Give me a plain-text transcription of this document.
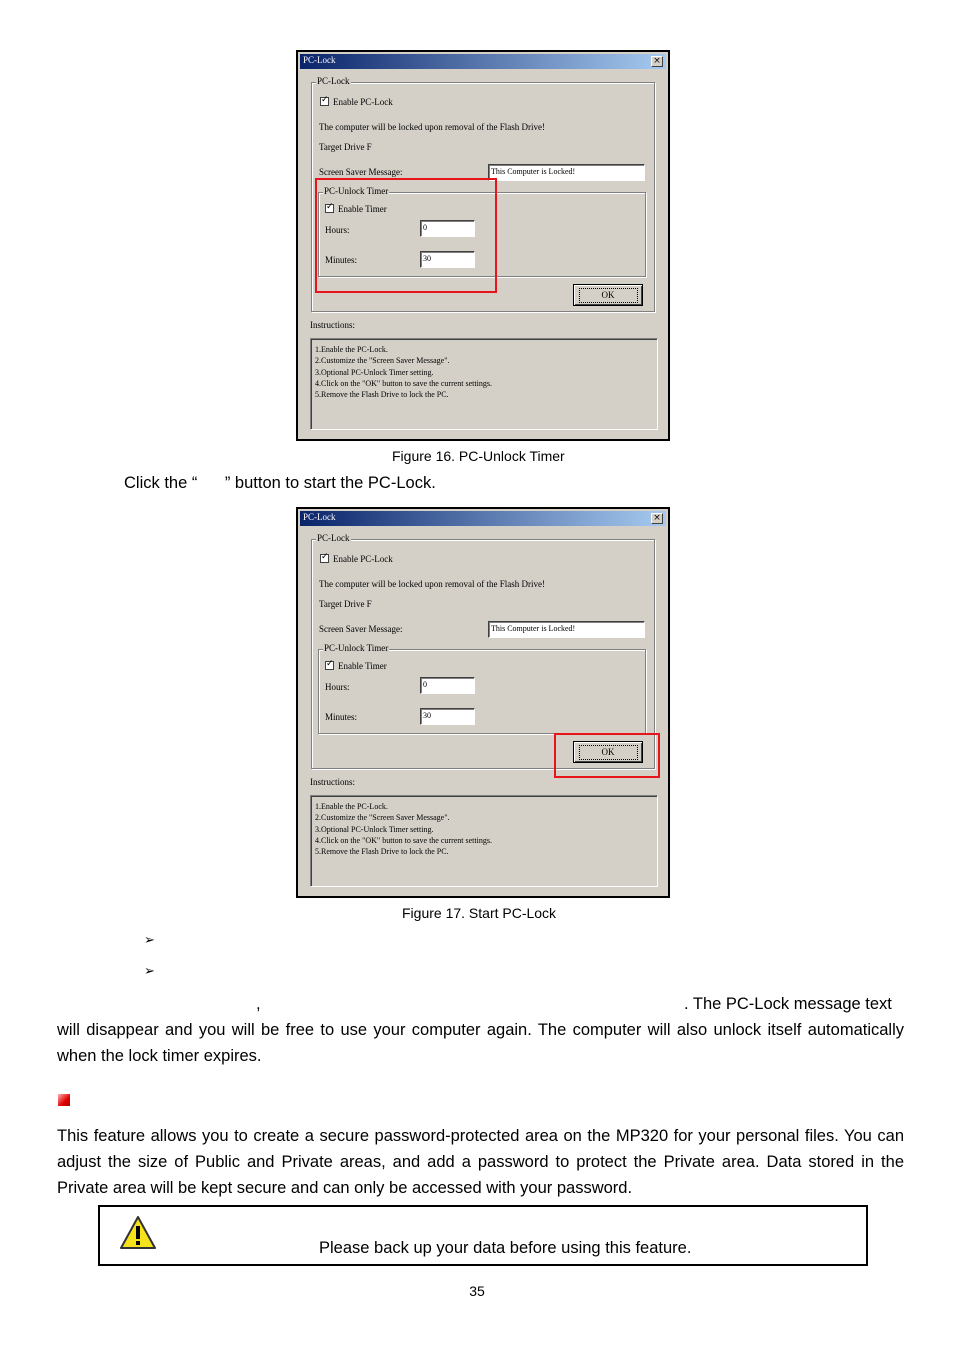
PC-Lock	×
PC-Lock
✓
Enable PC-Lock
The computer will be locked upon removal of the Flash Drive!
Target Drive F
Screen Saver Message:	This Computer is Locked!
PC-Unlock Timer
✓
Enable Timer
Hours:	0
Minutes:	30
OK
Instructions:
1.Enable the PC-Lock.
2.Customize the "Screen Saver Message".
3.Optional PC-Unlock Timer setting.
4.Click on the "OK" button to save the current settings.
5.Remove the Flash Drive to lock the PC.
Figure 16. PC-Unlock Timer
Click the “      ” button to start the PC-Lock.
PC-Lock	×
PC-Lock
✓
Enable PC-Lock
The computer will be locked upon removal of the Flash Drive!
Target Drive F
Screen Saver Message:	This Computer is Locked!
PC-Unlock Timer
✓
Enable Timer
Hours:	0
Minutes:	30
OK
Instructions:
1.Enable the PC-Lock.
2.Customize the "Screen Saver Message".
3.Optional PC-Unlock Timer setting.
4.Click on the "OK" button to save the current settings.
5.Remove the Flash Drive to lock the PC.
Figure 17. Start PC-Lock
➢
➢
,	. The PC-Lock message text
will disappear and you will be free to use your computer again. The computer will also unlock itself automatically when the lock timer expires.
This feature allows you to create a secure password-protected area on the MP320 for your personal files. You can adjust the size of Public and Private areas, and add a password to protect the Private area. Data stored in the Private area will be kept secure and can only be accessed with your password.
Please back up your data before using this feature.
35
